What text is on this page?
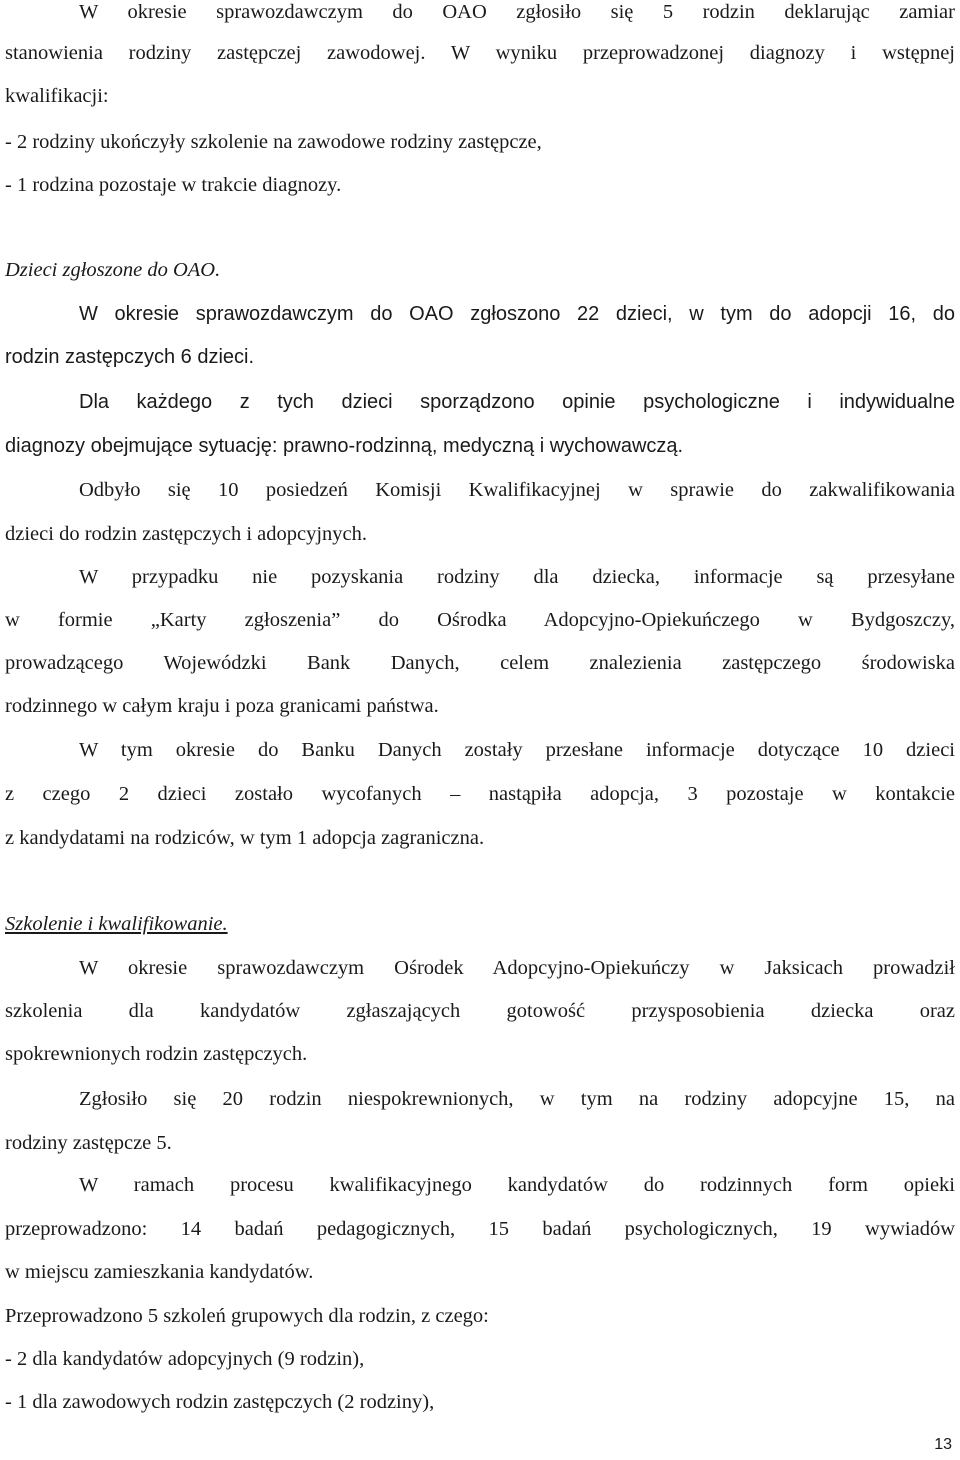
W okresie sprawozdawczym do OAO zgłosiło się 5 rodzin deklarując zamiar
stanowienia rodziny zastępczej zawodowej. W wyniku przeprowadzonej diagnozy i wstępnej
kwalifikacji:
- 2 rodziny ukończyły szkolenie na zawodowe rodziny zastępcze,
- 1 rodzina pozostaje w trakcie diagnozy.
Dzieci zgłoszone do OAO.
W okresie sprawozdawczym do OAO zgłoszono 22 dzieci, w tym do adopcji 16, do
rodzin zastępczych 6 dzieci.
Dla każdego z tych dzieci sporządzono opinie psychologiczne i indywidualne
diagnozy obejmujące sytuację: prawno-rodzinną, medyczną i wychowawczą.
Odbyło się 10 posiedzeń Komisji Kwalifikacyjnej w sprawie do zakwalifikowania
dzieci do rodzin zastępczych i adopcyjnych.
W przypadku nie pozyskania rodziny dla dziecka, informacje są przesyłane
w formie „Karty zgłoszenia” do Ośrodka Adopcyjno-Opiekuńczego w Bydgoszczy,
prowadzącego Wojewódzki Bank Danych, celem znalezienia zastępczego środowiska
rodzinnego w całym kraju i poza granicami państwa.
W tym okresie do Banku Danych zostały przesłane informacje dotyczące 10 dzieci
z czego 2 dzieci zostało wycofanych – nastąpiła adopcja, 3 pozostaje w kontakcie
z kandydatami na rodziców, w tym 1 adopcja zagraniczna.
Szkolenie i kwalifikowanie.
W okresie sprawozdawczym Ośrodek Adopcyjno-Opiekuńczy w Jaksicach prowadził
szkolenia dla kandydatów zgłaszających gotowość przysposobienia dziecka oraz
spokrewnionych rodzin zastępczych.
Zgłosiło się 20 rodzin niespokrewnionych, w tym na rodziny adopcyjne 15, na
rodziny zastępcze 5.
W ramach procesu kwalifikacyjnego kandydatów do rodzinnych form opieki
przeprowadzono: 14 badań pedagogicznych, 15 badań psychologicznych, 19 wywiadów
w miejscu zamieszkania kandydatów.
Przeprowadzono 5 szkoleń grupowych dla rodzin, z czego:
- 2 dla kandydatów adopcyjnych (9 rodzin),
- 1 dla zawodowych rodzin zastępczych (2 rodziny),
13
